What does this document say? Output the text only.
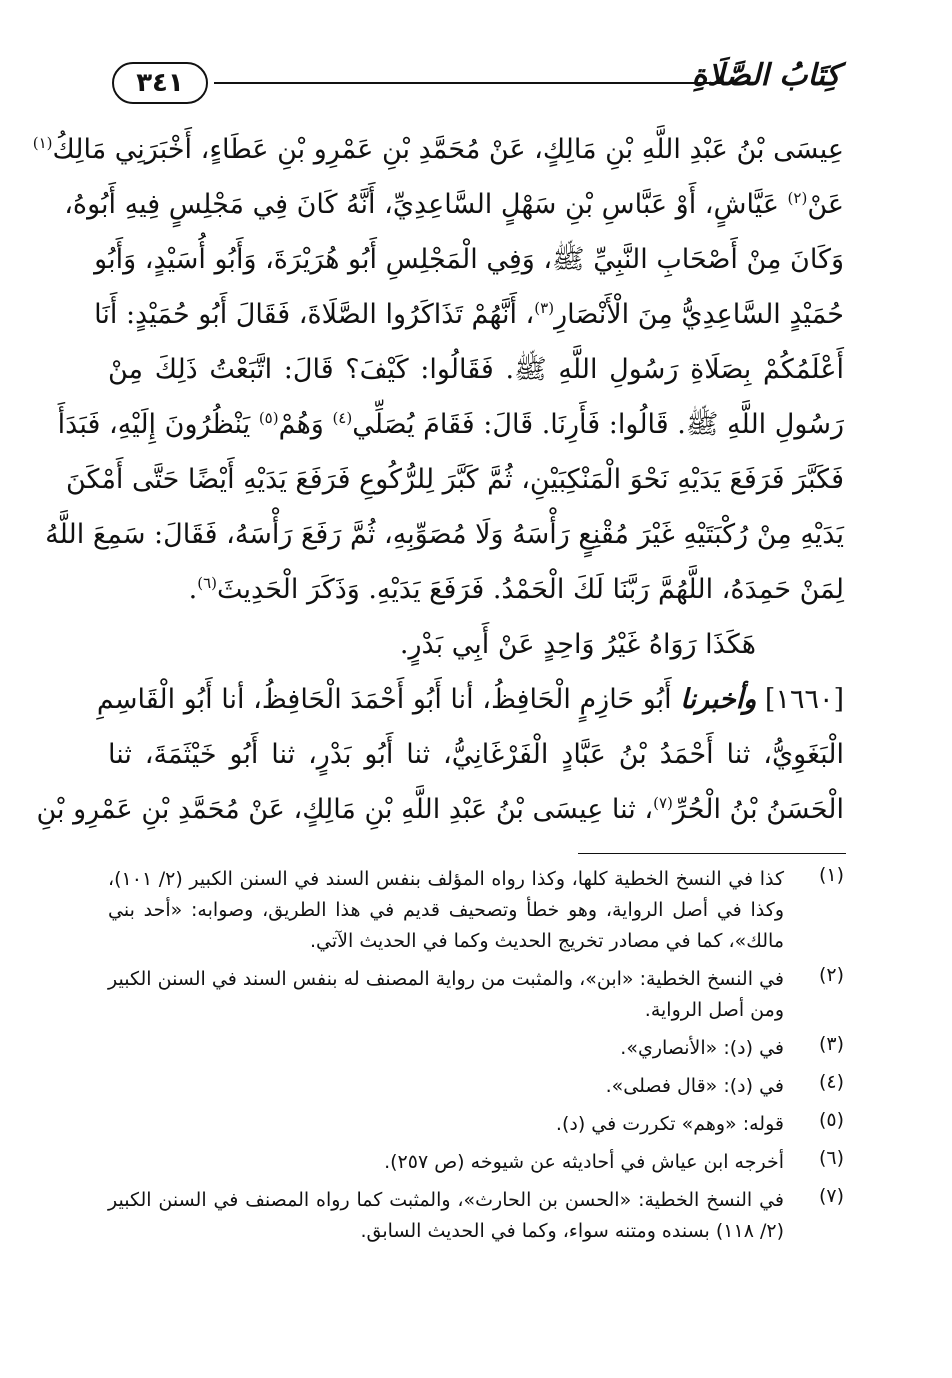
٣٤١	كِتَابُ الصَّلَاةِ
عِيسَى بْنُ عَبْدِ اللَّهِ بْنِ مَالِكٍ، عَنْ مُحَمَّدِ بْنِ عَمْرِو بْنِ عَطَاءٍ، أَخْبَرَنِي مَالِكُ$^{(١)}$
عَنْ$^{(٢)}$ عَيَّاشٍ، أَوْ عَبَّاسِ بْنِ سَهْلٍ السَّاعِدِيِّ، أَنَّهُ كَانَ فِي مَجْلِسٍ فِيهِ أَبُوهُ،
وَكَانَ مِنْ أَصْحَابِ النَّبِيِّ ﷺ، وَفِي الْمَجْلِسِ أَبُو هُرَيْرَةَ، وَأَبُو أُسَيْدٍ، وَأَبُو
حُمَيْدٍ السَّاعِدِيُّ مِنَ الْأَنْصَارِ$^{(٣)}$، أَنَّهُمْ تَذَاكَرُوا الصَّلَاةَ، فَقَالَ أَبُو حُمَيْدٍ: أَنَا
أَعْلَمُكُمْ بِصَلَاةِ رَسُولِ اللَّهِ ﷺ. فَقَالُوا: كَيْفَ؟ قَالَ: اتَّبَعْتُ ذَلِكَ مِنْ
رَسُولِ اللَّهِ ﷺ. قَالُوا: فَأَرِنَا. قَالَ: فَقَامَ يُصَلِّي$^{(٤)}$ وَهُمْ$^{(٥)}$ يَنْظُرُونَ إِلَيْهِ، فَبَدَأَ
فَكَبَّرَ فَرَفَعَ يَدَيْهِ نَحْوَ الْمَنْكِبَيْنِ، ثُمَّ كَبَّرَ لِلرُّكُوعِ فَرَفَعَ يَدَيْهِ أَيْضًا حَتَّى أَمْكَنَ
يَدَيْهِ مِنْ رُكْبَتَيْهِ غَيْرَ مُقْنِعٍ رَأْسَهُ وَلَا مُصَوِّبِهِ، ثُمَّ رَفَعَ رَأْسَهُ، فَقَالَ: سَمِعَ اللَّهُ
لِمَنْ حَمِدَهُ، اللَّهُمَّ رَبَّنَا لَكَ الْحَمْدُ. فَرَفَعَ يَدَيْهِ. وَذَكَرَ الْحَدِيثَ$^{(٦)}$.
هَكَذَا رَوَاهُ غَيْرُ وَاحِدٍ عَنْ أَبِي بَدْرٍ.
[١٦٦٠] وأخبرنا أَبُو حَازِمٍ الْحَافِظُ، أنا أَبُو أَحْمَدَ الْحَافِظُ، أنا أَبُو الْقَاسِمِ
الْبَغَوِيُّ، ثنا أَحْمَدُ بْنُ عَبَّادٍ الْفَرْغَانِيُّ، ثنا أَبُو بَدْرٍ، ثنا أَبُو خَيْثَمَةَ، ثنا
الْحَسَنُ بْنُ الْحُرِّ$^{(٧)}$، ثنا عِيسَى بْنُ عَبْدِ اللَّهِ بْنِ مَالِكٍ، عَنْ مُحَمَّدِ بْنِ عَمْرِو بْنِ
(١)
كذا في النسخ الخطية كلها، وكذا رواه المؤلف بنفس السند في السنن الكبير (٢/ ١٠١)، وكذا في أصل الرواية، وهو خطأ وتصحيف قديم في هذا الطريق، وصوابه: «أحد بني مالك»، كما في مصادر تخريج الحديث وكما في الحديث الآتي.
(٢)
في النسخ الخطية: «ابن»، والمثبت من رواية المصنف له بنفس السند في السنن الكبير ومن أصل الرواية.
(٣)
في (د): «الأنصاري».
(٤)
في (د): «قال فصلى».
(٥)
قوله: «وهم» تكررت في (د).
(٦)
أخرجه ابن عياش في أحاديثه عن شيوخه (ص ٢٥٧).
(٧)
في النسخ الخطية: «الحسن بن الحارث»، والمثبت كما رواه المصنف في السنن الكبير (٢/ ١١٨) بسنده ومتنه سواء، وكما في الحديث السابق.
